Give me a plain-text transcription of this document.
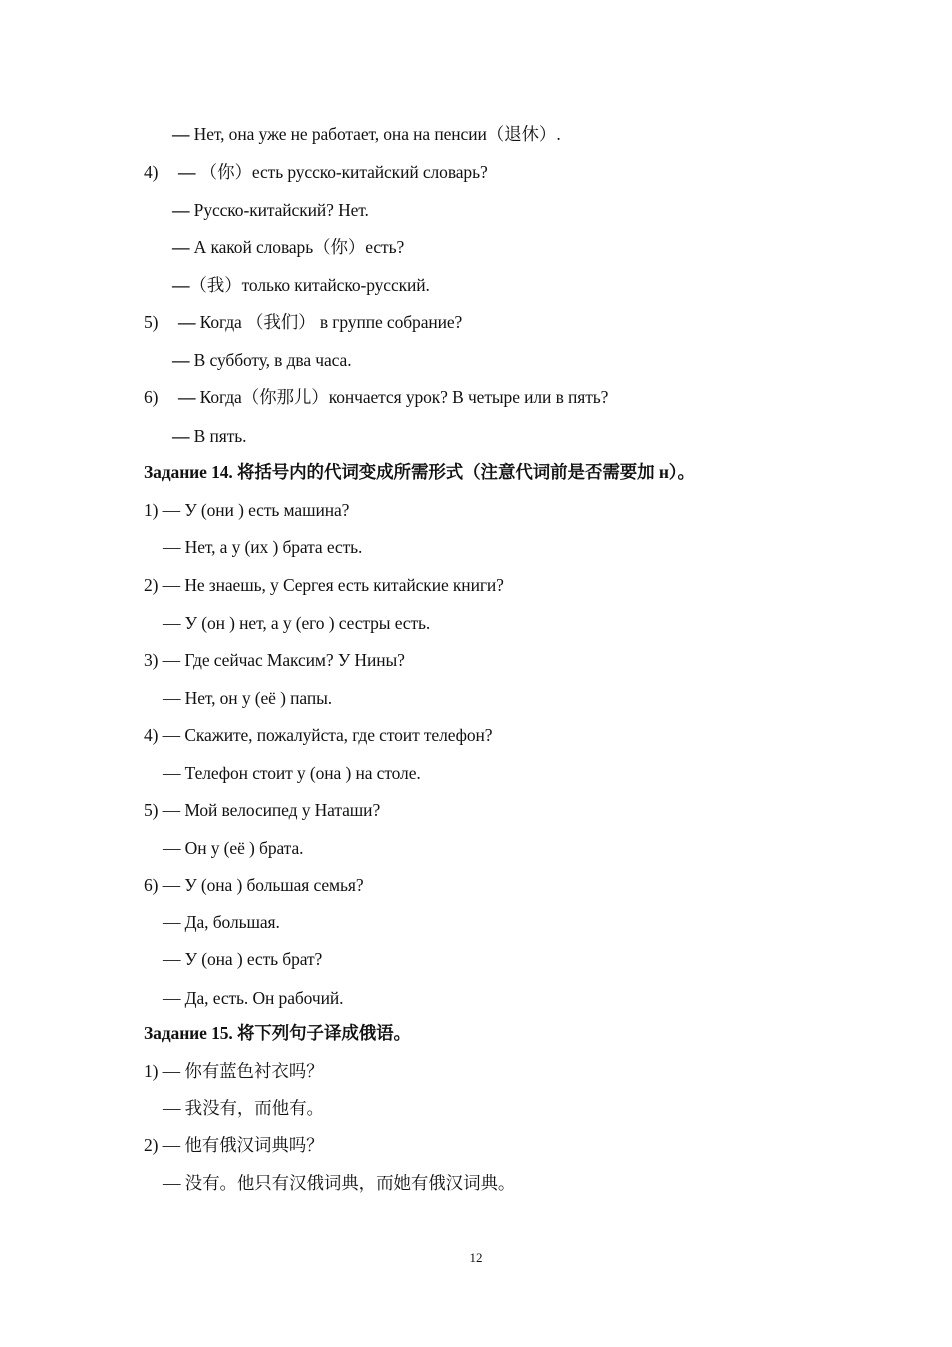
— Нет, она уже не работает, она на пенсии（退休）.
4) — （你）есть русско-китайский словарь?
— Русско-китайский? Нет.
— А какой словарь（你）есть?
—（我）только китайско-русский.
5) — Когда （我们） в группе собрание?
— В субботу, в два часа.
6) — Когда（你那儿）кончается урок? В четыре или в пять?
— В пять.
Задание 14. 将括号内的代词变成所需形式（注意代词前是否需要加 н）。
1) — У (они ) есть машина?
— Нет, а у (их ) брата есть.
2) — Не знаешь, у Сергея есть китайские книги?
— У (он ) нет, а у (его ) сестры есть.
3) — Где сейчас Максим? У Нины?
— Нет, он у (её ) папы.
4) — Скажите, пожалуйста, где стоит телефон?
— Телефон стоит у (она ) на столе.
5) — Мой велосипед у Наташи?
— Он у (её ) брата.
6) — У (она ) большая семья?
— Да, большая.
— У (она ) есть брат?
— Да, есть. Он рабочий.
Задание 15. 将下列句子译成俄语。
1) — 你有蓝色衬衣吗？
— 我没有，而他有。
2) — 他有俄汉词典吗？
— 没有。他只有汉俄词典，而她有俄汉词典。
12
